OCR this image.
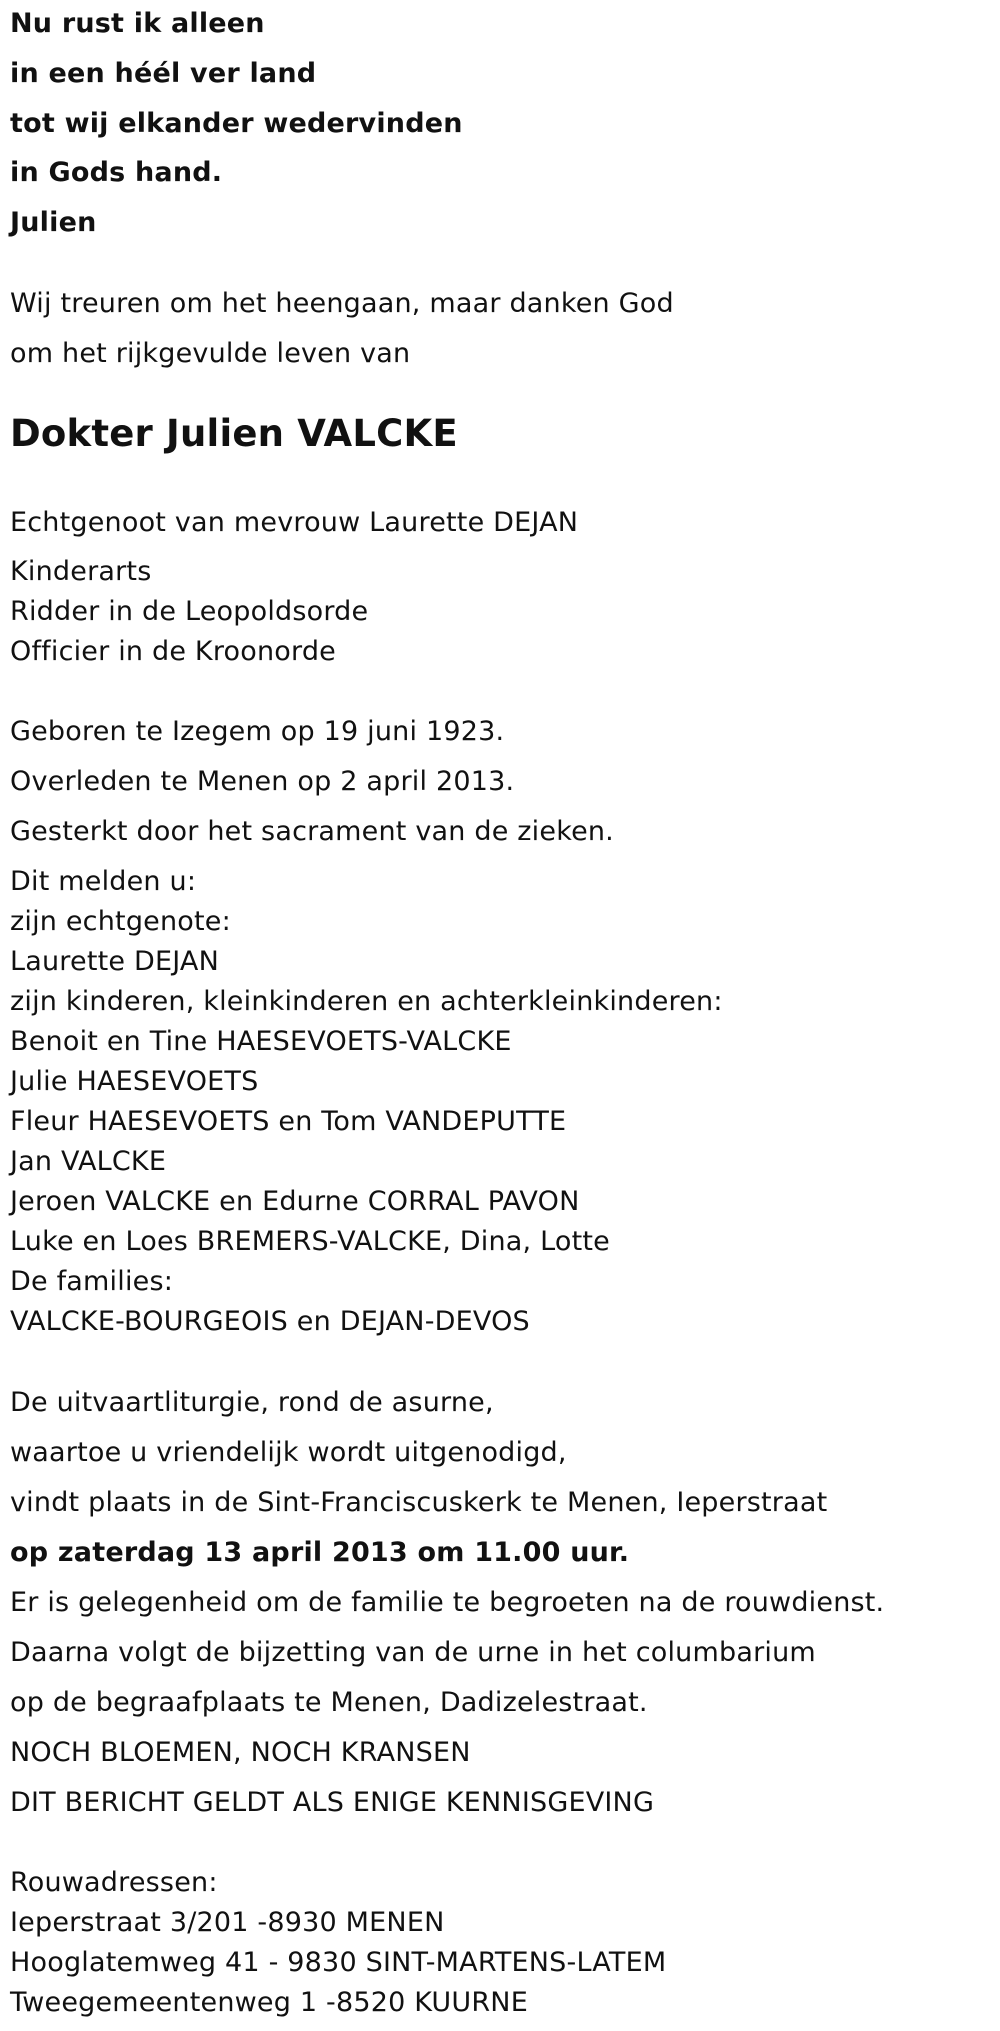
Nu rust ik alleen
in een héél ver land
tot wij elkander wedervinden
in Gods hand.
Julien
Wij treuren om het heengaan, maar danken God
om het rijkgevulde leven van
Dokter Julien VALCKE
Echtgenoot van mevrouw Laurette DEJAN
Kinderarts
Ridder in de Leopoldsorde
Officier in de Kroonorde
Geboren te Izegem op 19 juni 1923.
Overleden te Menen op 2 april 2013.
Gesterkt door het sacrament van de zieken.
Dit melden u:
zijn echtgenote:
Laurette DEJAN
zijn kinderen, kleinkinderen en achterkleinkinderen:
Benoit en Tine HAESEVOETS-VALCKE
Julie HAESEVOETS
Fleur HAESEVOETS en Tom VANDEPUTTE
Jan VALCKE
Jeroen VALCKE en Edurne CORRAL PAVON
Luke en Loes BREMERS-VALCKE, Dina, Lotte
De families:
VALCKE-BOURGEOIS en DEJAN-DEVOS
De uitvaartliturgie, rond de asurne,
waartoe u vriendelijk wordt uitgenodigd,
vindt plaats in de Sint-Franciscuskerk te Menen, Ieperstraat
op zaterdag 13 april 2013 om 11.00 uur.
Er is gelegenheid om de familie te begroeten na de rouwdienst.
Daarna volgt de bijzetting van de urne in het columbarium
op de begraafplaats te Menen, Dadizelestraat.
NOCH BLOEMEN, NOCH KRANSEN
DIT BERICHT GELDT ALS ENIGE KENNISGEVING
Rouwadressen:
Ieperstraat 3/201 -8930 MENEN
Hooglatemweg 41 - 9830 SINT-MARTENS-LATEM
Tweegemeentenweg 1 -8520 KUURNE
